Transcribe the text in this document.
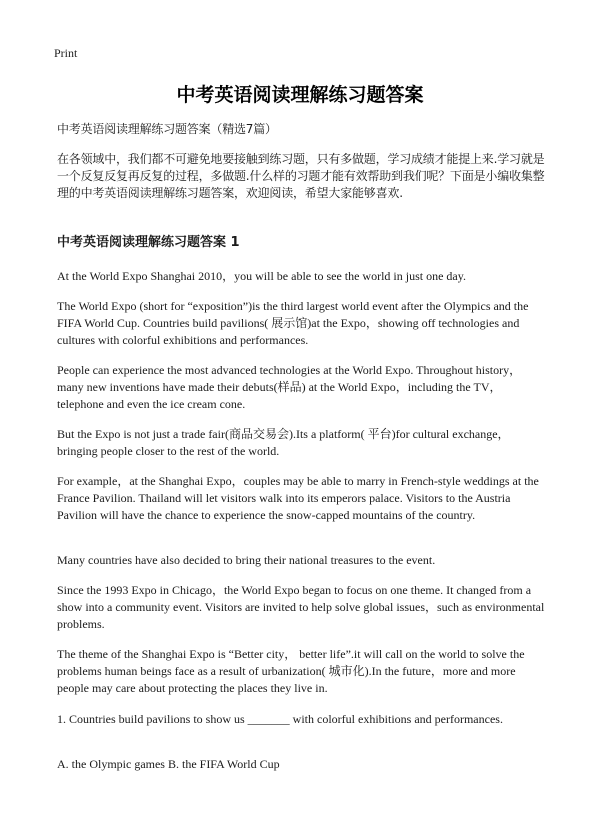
Print
中考英语阅读理解练习题答案
中考英语阅读理解练习题答案（精选7篇）
在各领域中，我们都不可避免地要接触到练习题，只有多做题，学习成绩才能提上来.学习就是一个反复反复再反复的过程，多做题.什么样的习题才能有效帮助到我们呢？下面是小编收集整理的中考英语阅读理解练习题答案，欢迎阅读，希望大家能够喜欢.
中考英语阅读理解练习题答案 1
At the World Expo Shanghai 2010，you will be able to see the world in just one day.
The World Expo (short for “exposition”)is the third largest world event after the Olympics and the FIFA World Cup. Countries build pavilions( 展示馆)at the Expo，showing off technologies and cultures with colorful exhibitions and performances.
People can experience the most advanced technologies at the World Expo. Throughout history，many new inventions have made their debuts(样品) at the World Expo，including the TV，telephone and even the ice cream cone.
But the Expo is not just a trade fair(商品交易会).Its a platform( 平台)for cultural exchange，bringing people closer to the rest of the world.
For example，at the Shanghai Expo，couples may be able to marry in French-style weddings at the France Pavilion. Thailand will let visitors walk into its emperors palace. Visitors to the Austria Pavilion will have the chance to experience the snow-capped mountains of the country.
Many countries have also decided to bring their national treasures to the event.
Since the 1993 Expo in Chicago，the World Expo began to focus on one theme. It changed from a show into a community event. Visitors are invited to help solve global issues，such as environmental problems.
The theme of the Shanghai Expo is “Better city， better life”.it will call on the world to solve the problems human beings face as a result of urbanization( 城市化).In the future，more and more people may care about protecting the places they live in.
1. Countries build pavilions to show us _______ with colorful exhibitions and performances.
A. the Olympic games B. the FIFA World Cup
